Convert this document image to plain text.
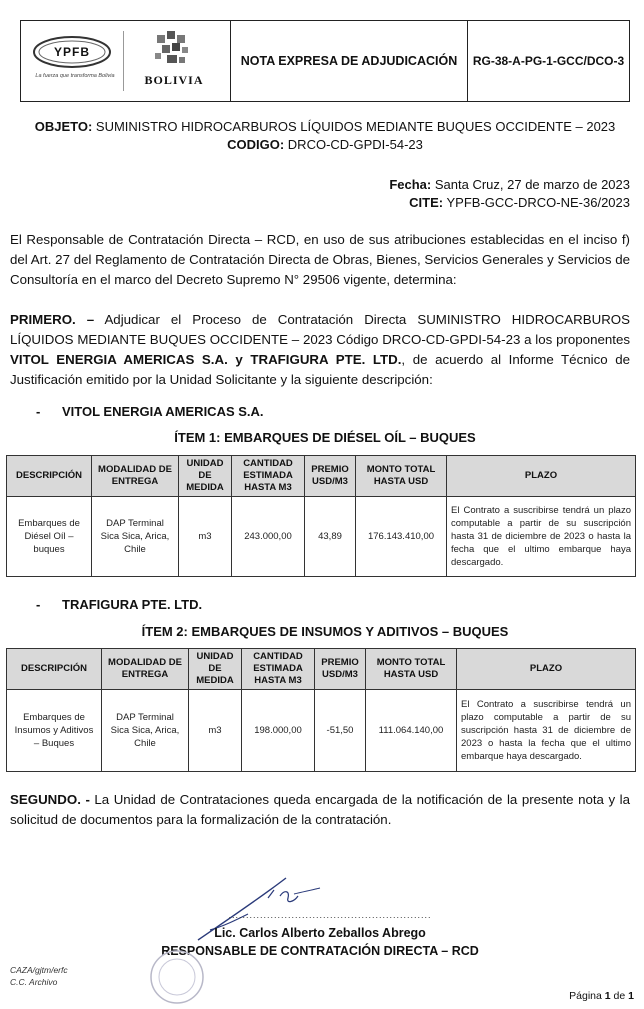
YPFB
La fuerza que transforma Bolivia	BOLIVIA
NOTA EXPRESA DE ADJUDICACIÓN	RG-38-A-PG-1-GCC/DCO-3
OBJETO: SUMINISTRO HIDROCARBUROS LÍQUIDOS MEDIANTE BUQUES OCCIDENTE – 2023
CODIGO: DRCO-CD-GPDI-54-23
Fecha: Santa Cruz, 27 de marzo de 2023
CITE: YPFB-GCC-DRCO-NE-36/2023
El Responsable de Contratación Directa – RCD, en uso de sus atribuciones establecidas en el inciso f) del Art. 27 del Reglamento de Contratación Directa de Obras, Bienes, Servicios Generales y Servicios de Consultoría en el marco del Decreto Supremo N° 29506 vigente, determina:
PRIMERO. – Adjudicar el Proceso de Contratación Directa SUMINISTRO HIDROCARBUROS LÍQUIDOS MEDIANTE BUQUES OCCIDENTE – 2023 Código DRCO-CD-GPDI-54-23 a los proponentes VITOL ENERGIA AMERICAS S.A. y TRAFIGURA PTE. LTD., de acuerdo al Informe Técnico de Justificación emitido por la Unidad Solicitante y la siguiente descripción:
- VITOL ENERGIA AMERICAS S.A.
ÍTEM 1: EMBARQUES DE DIÉSEL OÍL – BUQUES
DESCRIPCIÓN	MODALIDAD DE ENTREGA	UNIDAD DE MEDIDA	CANTIDAD ESTIMADA HASTA M3	PREMIO USD/M3	MONTO TOTAL HASTA USD	PLAZO
Embarques de Diésel Oíl – buques	DAP Terminal Sica Sica, Arica, Chile	m3	243.000,00	43,89	176.143.410,00	El Contrato a suscribirse tendrá un plazo computable a partir de su suscripción hasta 31 de diciembre de 2023 o hasta la fecha que el ultimo embarque haya descargado.
- TRAFIGURA PTE. LTD.
ÍTEM 2: EMBARQUES DE INSUMOS Y ADITIVOS – BUQUES
DESCRIPCIÓN	MODALIDAD DE ENTREGA	UNIDAD DE MEDIDA	CANTIDAD ESTIMADA HASTA M3	PREMIO USD/M3	MONTO TOTAL HASTA USD	PLAZO
Embarques de Insumos y Aditivos – Buques	DAP Terminal Sica Sica, Arica, Chile	m3	198.000,00	-51,50	111.064.140,00	El Contrato a suscribirse tendrá un plazo computable a partir de su suscripción hasta 31 de diciembre de 2023 o hasta la fecha que el ultimo embarque haya descargado.
SEGUNDO. - La Unidad de Contrataciones queda encargada de la notificación de la presente nota y la solicitud de documentos para la formalización de la contratación.
..........................................................
Lic. Carlos Alberto Zeballos Abrego
RESPONSABLE DE CONTRATACIÓN DIRECTA – RCD
CAZA/gjtm/erfc
C.C. Archivo
Página 1 de 1
